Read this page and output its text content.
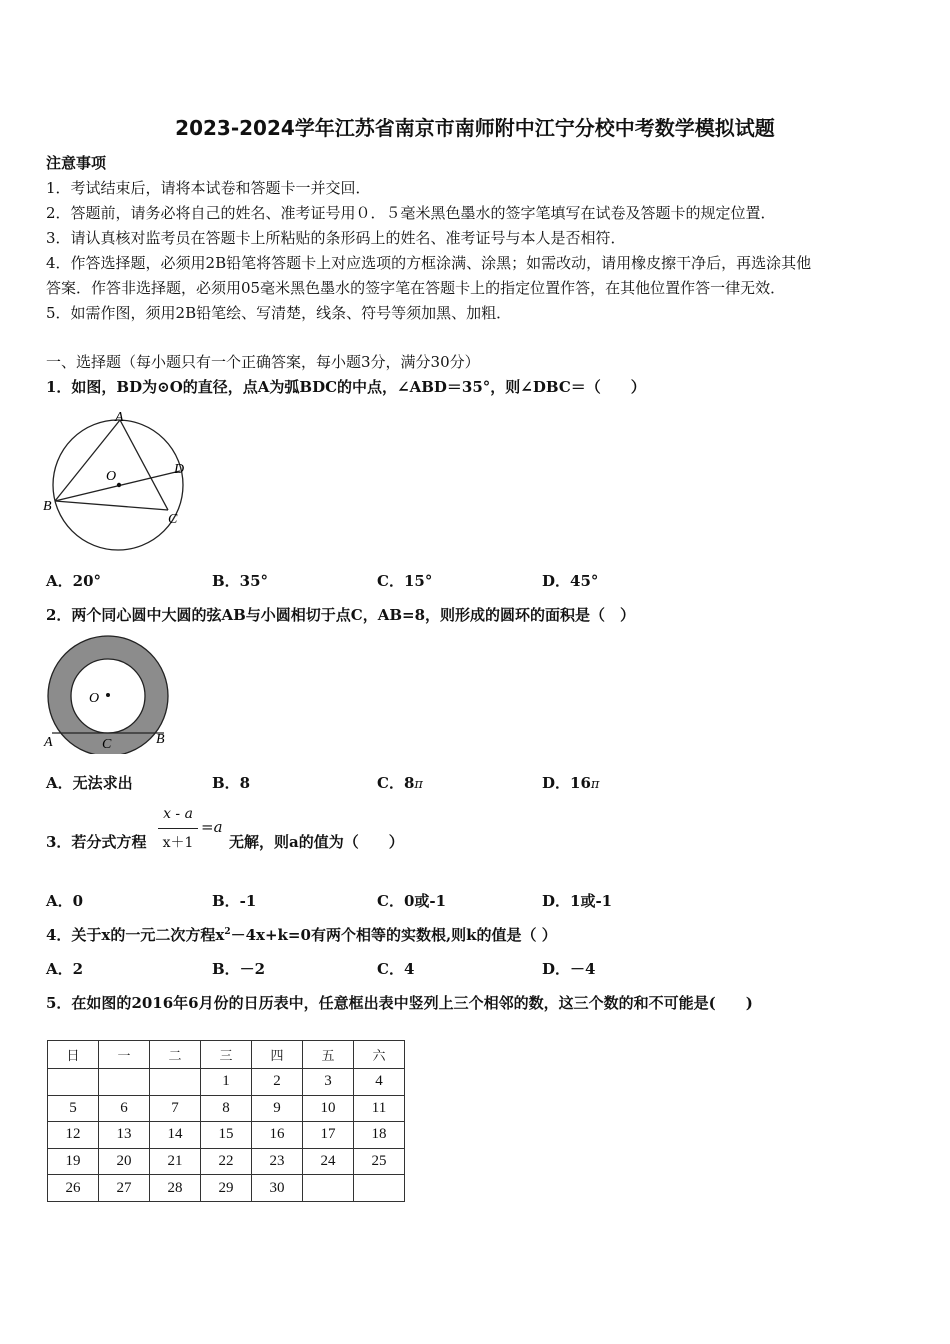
2023-2024学年江苏省南京市南师附中江宁分校中考数学模拟试题
注意事项
1．考试结束后，请将本试卷和答题卡一并交回．
2．答题前，请务必将自己的姓名、准考证号用０．５毫米黑色墨水的签字笔填写在试卷及答题卡的规定位置．
3．请认真核对监考员在答题卡上所粘贴的条形码上的姓名、准考证号与本人是否相符．
4．作答选择题，必须用2B铅笔将答题卡上对应选项的方框涂满、涂黑；如需改动，请用橡皮擦干净后，再选涂其他
答案．作答非选择题，必须用05毫米黑色墨水的签字笔在答题卡上的指定位置作答，在其他位置作答一律无效．
5．如需作图，须用2B铅笔绘、写清楚，线条、符号等须加黑、加粗．
一、选择题（每小题只有一个正确答案，每小题3分，满分30分）
1．如图，BD为⊙O的直径，点A为弧BDC的中点，∠ABD＝35°，则∠DBC＝（　　）
A
B
C
D
O
A．20°	B．35°	C．15°	D．45°
2．两个同心圆中大圆的弦AB与小圆相切于点C，AB=8，则形成的圆环的面积是（　）
A	B
C
O
A．无法求出	B．8	C．8π	D．16π
3．若分式方程
x - a
x＋1
=a
无解，则a的值为（　　）
A．0	B．-1	C．0或-1	D．1或-1
4．关于x的一元二次方程$x^2-4x+k=0$有两个相等的实数根,则k的值是（ ）
A．2	B．－2	C．4	D．－4
5．在如图的2016年6月份的日历表中，任意框出表中竖列上三个相邻的数，这三个数的和不可能是(　　)
日	一	二	三	四	五	六
			1	2	3	4
5	6	7	8	9	10	11
12	13	14	15	16	17	18
19	20	21	22	23	24	25
26	27	28	29	30		
